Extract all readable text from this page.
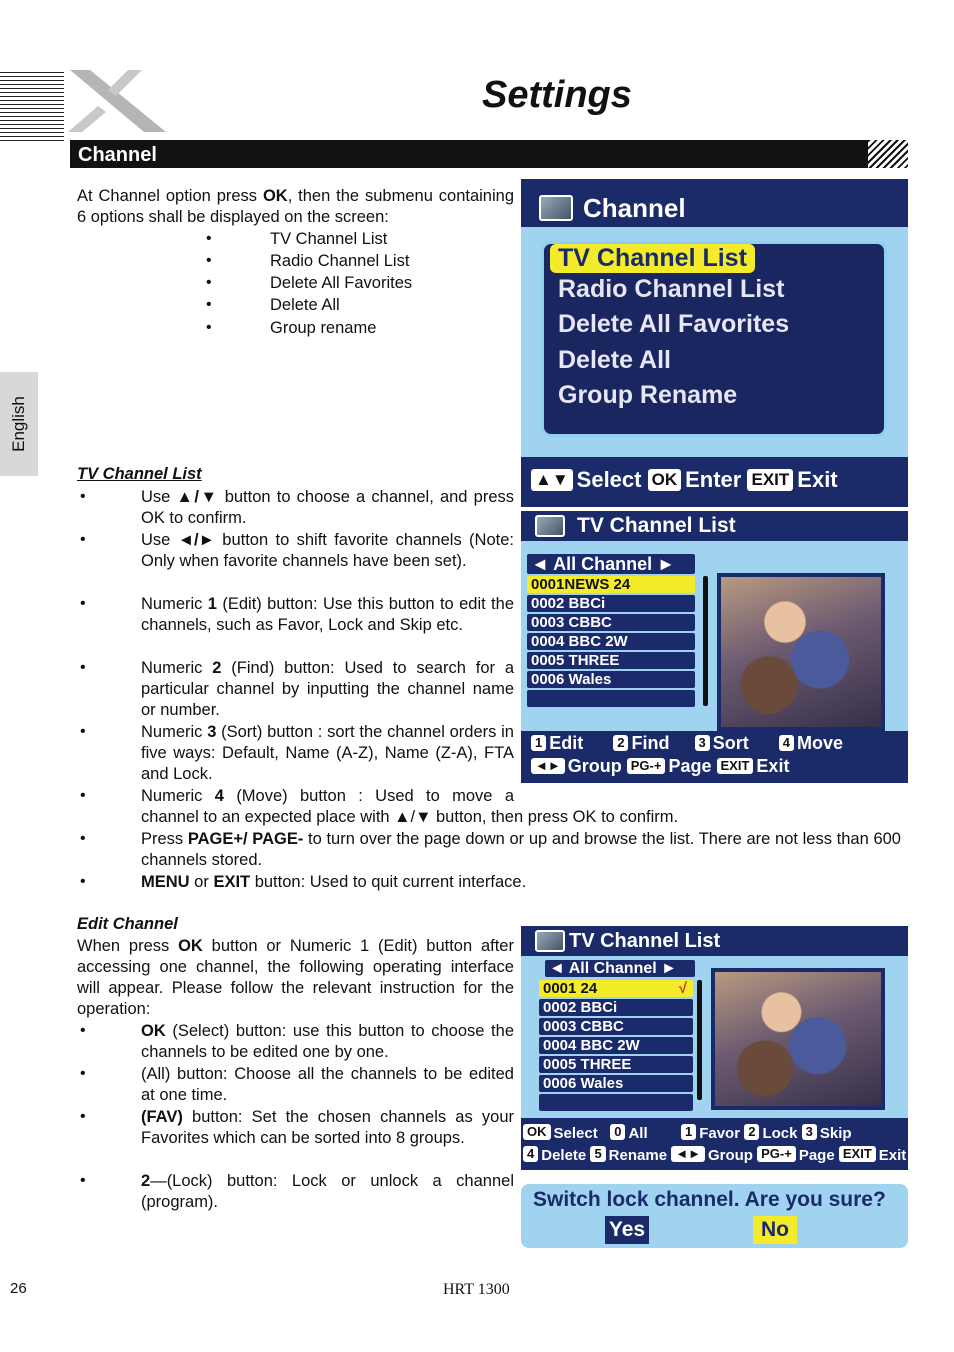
Settings
Channel
English
At Channel option press OK, then the submenu containing 6 options shall be displayed on the screen:
•	TV Channel List
•	Radio Channel List
•	Delete All Favorites
•	Delete All
•	Group rename
Channel
TV Channel List
Radio Channel List
Delete All Favorites
Delete All
Group Rename
▲▼ Select OK Enter EXIT Exit
TV Channel List
•	Use ▲/▼ button to choose a channel, and press OK to confirm.
•	Use ◄/► button to shift favorite channels (Note: Only when favorite channels have been set).
•	Numeric 1 (Edit) button: Use this button to edit the channels, such as Favor, Lock and Skip etc.
•	Numeric 2 (Find) button: Used to search for a particular channel by inputting the channel name or number.
•	Numeric 3 (Sort) button : sort the channel orders in five ways: Default, Name (A-Z), Name (Z-A), FTA and Lock.
•	Numeric 4 (Move) button : Used to move a
channel to an expected place with ▲/▼ button, then press OK to confirm.
•	Press PAGE+/ PAGE- to turn over the page down or up and browse the list. There are not less than 600 channels stored.
•	MENU or EXIT button: Used to quit current interface.
TV Channel List
◄ All Channel ►
0001NEWS 24
0002 BBCi
0003 CBBC
0004 BBC 2W
0005 THREE
0006 Wales
1 Edit	2 Find 3 Sort	4 Move
◄► Group PG-+ Page EXIT Exit
Edit Channel
When press OK button or Numeric 1 (Edit) button after accessing one channel, the following operating interface will appear. Please follow the relevant instruction for the operation:
•	OK (Select) button: use this button to choose the channels to be edited one by one.
•	(All) button: Choose all the channels to be edited at one time.
•	(FAV) button: Set the chosen channels as your Favorites which can be sorted into 8 groups.
•	2—(Lock) button: Lock or unlock a channel (program).
TV Channel List
◄ All Channel ►
0001 24	√
0002 BBCi
0003 CBBC
0004 BBC 2W
0005 THREE
0006 Wales
OK Select 0 All	1 Favor 2 Lock 3 Skip
4 Delete 5 Rename ◄► Group PG-+ Page EXIT Exit
Switch lock channel. Are you sure?
Yes	No
26	HRT 1300
